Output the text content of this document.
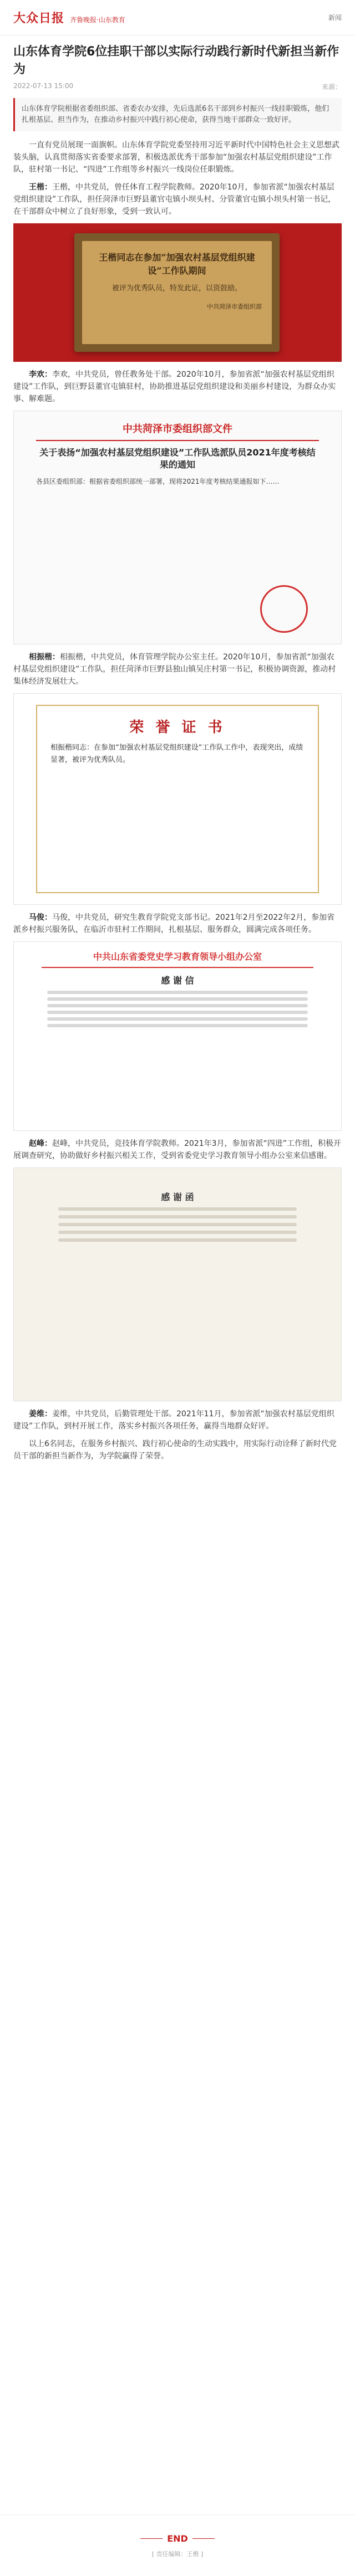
大众日报 齐鲁晚报·山东教育	新闻
山东体育学院6位挂职干部以实际行动践行新时代新担当新作为
2022-07-13 15:00	来源：
山东体育学院根据省委组织部、省委农办安排，先后选派6名干部到乡村振兴一线挂职锻炼，他们扎根基层、担当作为，在推动乡村振兴中践行初心使命，获得当地干部群众一致好评。

一直有党员展现一面旗帜。山东体育学院党委坚持用习近平新时代中国特色社会主义思想武装头脑，认真贯彻落实省委要求部署，积极选派优秀干部参加“加强农村基层党组织建设”工作队，驻村第一书记、“四进”工作组等乡村振兴一线岗位任职锻炼。

王楷：王楷，中共党员，曾任体育工程学院教师。2020年10月，参加省派“加强农村基层党组织建设”工作队，担任菏泽市巨野县董官屯镇小坝头村、分管董官屯镇小坝头村第一书记，在干部群众中树立了良好形象，受到一致认可。

王楷同志在参加“加强农村基层党组织建设”工作队期间
被评为优秀队员，特发此证，以资鼓励。
中共菏泽市委组织部

李欢：李欢，中共党员，曾任教务处干部。2020年10月，参加省派“加强农村基层党组织建设”工作队，到巨野县董官屯镇驻村，协助推进基层党组织建设和美丽乡村建设，为群众办实事、解难题。

中共菏泽市委组织部文件
关于表扬“加强农村基层党组织建设”工作队选派队员2021年度考核结果的通知
各县区委组织部：根据省委组织部统一部署，现将2021年度考核结果通报如下……

相振楷：相振楷，中共党员，体育管理学院办公室主任。2020年10月，参加省派“加强农村基层党组织建设”工作队，担任菏泽市巨野县独山镇吴庄村第一书记，积极协调资源，推动村集体经济发展壮大。

荣 誉 证 书
相振楷同志：在参加“加强农村基层党组织建设”工作队工作中，表现突出，成绩显著，被评为优秀队员。

马俊：马俊，中共党员，研究生教育学院党支部书记。2021年2月至2022年2月，参加省派乡村振兴服务队，在临沂市驻村工作期间，扎根基层、服务群众，圆满完成各项任务。

中共山东省委党史学习教育领导小组办公室
感 谢 信

赵峰：赵峰，中共党员，竞技体育学院教师。2021年3月，参加省派“四进”工作组，积极开展调查研究，协助做好乡村振兴相关工作，受到省委党史学习教育领导小组办公室来信感谢。

感 谢 函

姜维：姜维，中共党员，后勤管理处干部。2021年11月，参加省派“加强农村基层党组织建设”工作队，到村开展工作，落实乡村振兴各项任务，赢得当地群众好评。

以上6名同志，在服务乡村振兴、践行初心使命的生动实践中，用实际行动诠释了新时代党员干部的新担当新作为，为学院赢得了荣誉。

END
[ 责任编辑：王楷 ]
